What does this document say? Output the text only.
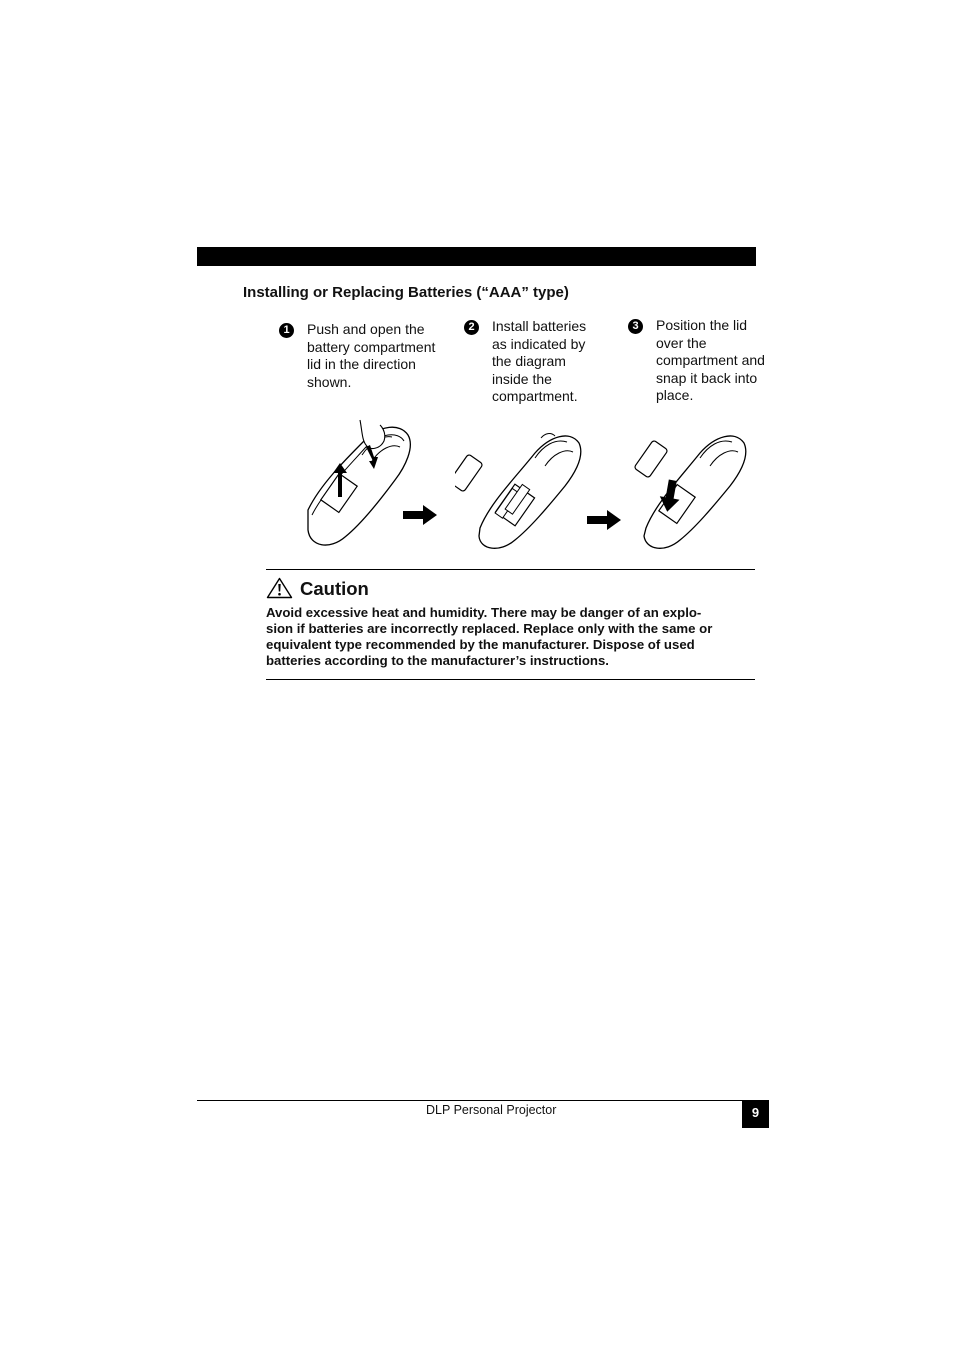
Installing or Replacing Batteries (“AAA” type)
1	Push and open the battery compartment lid in the direction shown.
2	Install batteries as indicated by the diagram inside the compartment.
3	Position the lid over the compartment and snap it back into place.
Caution
Avoid excessive heat and humidity. There may be danger of an explo-
sion if batteries are incorrectly replaced. Replace only with the same or
equivalent type recommended by the manufacturer. Dispose of used
batteries according to the manufacturer’s instructions.
DLP Personal Projector	9
